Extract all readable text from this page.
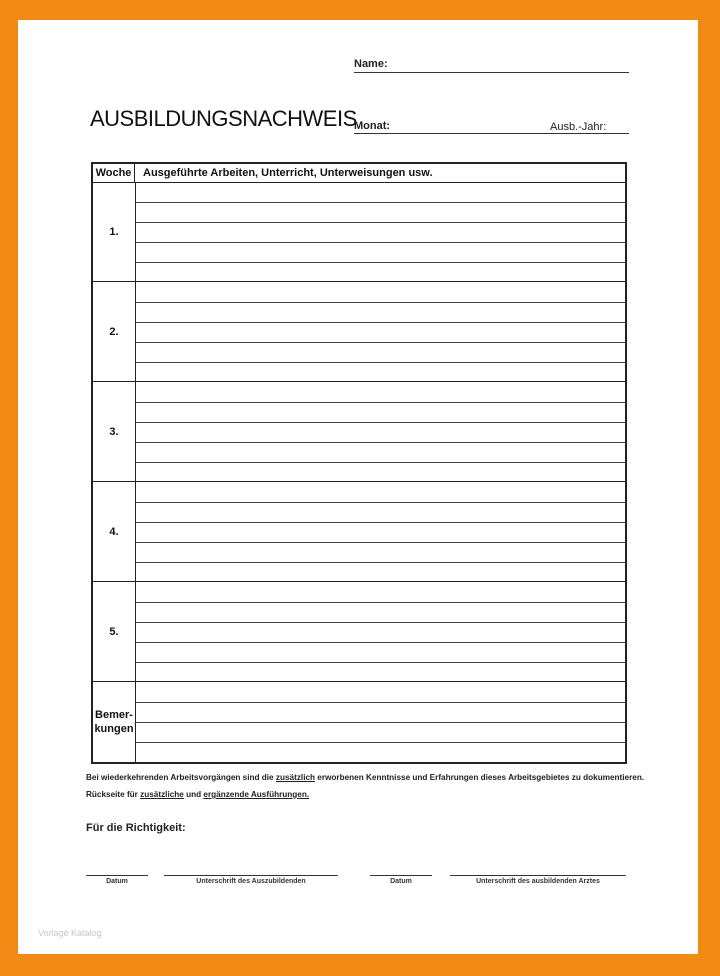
Name:
AUSBILDUNGSNACHWEIS
Monat:	Ausb.-Jahr:
Woche	Ausgeführte Arbeiten, Unterricht, Unterweisungen usw.
1.
2.
3.
4.
5.
Bemer-
kungen
Bei wiederkehrenden Arbeitsvorgängen sind die zusätzlich erworbenen Kenntnisse und Erfahrungen dieses Arbeitsgebietes zu dokumentieren.
Rückseite für zusätzliche und ergänzende Ausführungen.
Für die Richtigkeit:
Datum	Unterschrift des Auszubildenden	Datum	Unterschrift des ausbildenden Arztes
Vorlage Katalog
